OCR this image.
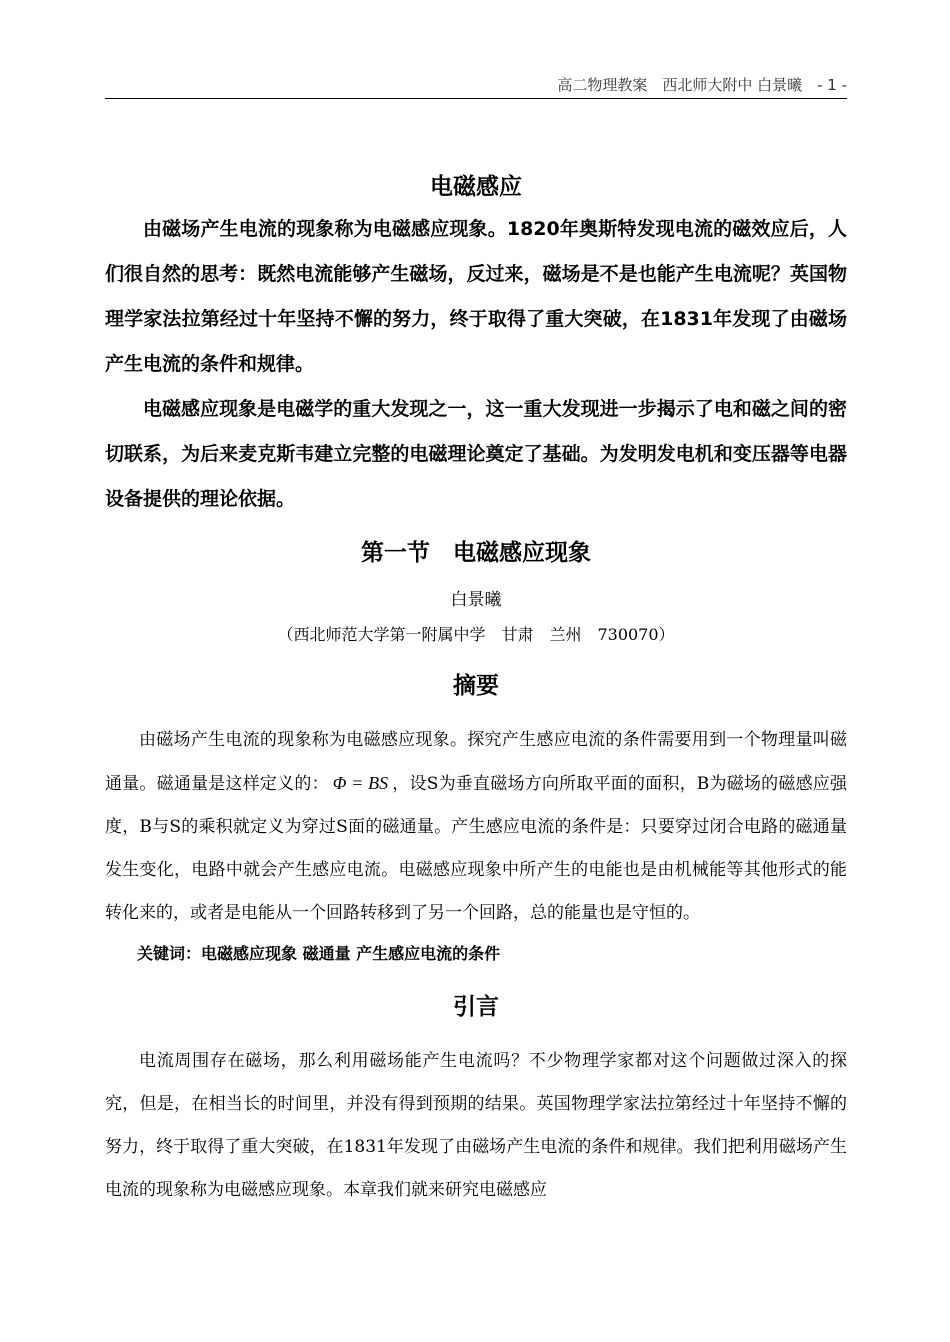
高二物理教案　西北师大附中 白景曦　- 1 -
电磁感应

由磁场产生电流的现象称为电磁感应现象。1820年奥斯特发现电流的磁效应后，人们很自然的思考：既然电流能够产生磁场，反过来，磁场是不是也能产生电流呢？英国物理学家法拉第经过十年坚持不懈的努力，终于取得了重大突破，在1831年发现了由磁场产生电流的条件和规律。

电磁感应现象是电磁学的重大发现之一，这一重大发现进一步揭示了电和磁之间的密切联系，为后来麦克斯韦建立完整的电磁理论奠定了基础。为发明发电机和变压器等电器设备提供的理论依据。

第一节　电磁感应现象
白景曦
（西北师范大学第一附属中学　甘肃　兰州　730070）
摘要

由磁场产生电流的现象称为电磁感应现象。探究产生感应电流的条件需要用到一个物理量叫磁通量。磁通量是这样定义的： Φ = BS ，设S为垂直磁场方向所取平面的面积，B为磁场的磁感应强度，B与S的乘积就定义为穿过S面的磁通量。产生感应电流的条件是：只要穿过闭合电路的磁通量发生变化，电路中就会产生感应电流。电磁感应现象中所产生的电能也是由机械能等其他形式的能转化来的，或者是电能从一个回路转移到了另一个回路，总的能量也是守恒的。

关键词：电磁感应现象 磁通量 产生感应电流的条件
引言

电流周围存在磁场，那么利用磁场能产生电流吗？不少物理学家都对这个问题做过深入的探究，但是，在相当长的时间里，并没有得到预期的结果。英国物理学家法拉第经过十年坚持不懈的努力，终于取得了重大突破，在1831年发现了由磁场产生电流的条件和规律。我们把利用磁场产生电流的现象称为电磁感应现象。本章我们就来研究电磁感应
